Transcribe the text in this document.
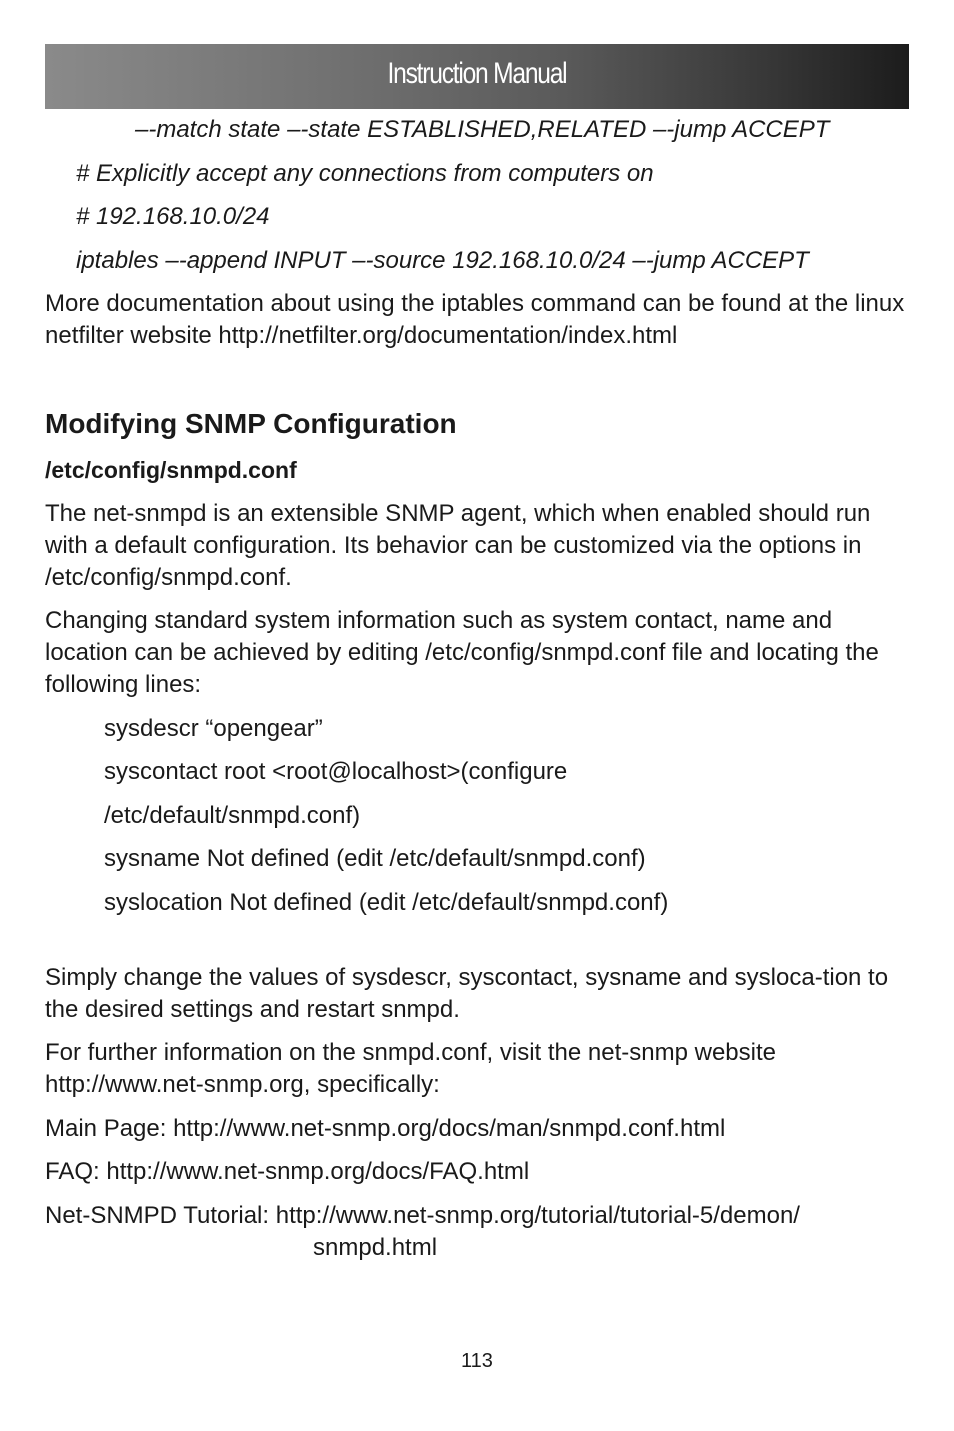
Instruction Manual
–-match state –-state ESTABLISHED,RELATED –-jump ACCEPT
# Explicitly accept any connections from computers on
# 192.168.10.0/24
iptables –-append INPUT –-source 192.168.10.0/24 –-jump ACCEPT
More documentation about using the iptables command can be found at the linux netfilter website http://netfilter.org/documentation/index.html
Modifying SNMP Configuration
/etc/config/snmpd.conf
The net-snmpd is an extensible SNMP agent, which when enabled should run with a default configuration. Its behavior can be customized via the options in /etc/config/snmpd.conf.
Changing standard system information such as system contact, name and location can be achieved by editing /etc/config/snmpd.conf file and locating the following lines:
sysdescr “opengear”
syscontact root <root@localhost>(configure
/etc/default/snmpd.conf)
sysname Not defined (edit /etc/default/snmpd.conf)
syslocation Not defined (edit /etc/default/snmpd.conf)
Simply change the values of sysdescr, syscontact, sysname and sysloca-tion to the desired settings and restart snmpd.
For further information on the snmpd.conf, visit the net-snmp website http://www.net-snmp.org, specifically:
Main Page: http://www.net-snmp.org/docs/man/snmpd.conf.html
FAQ: http://www.net-snmp.org/docs/FAQ.html
Net-SNMPD Tutorial: http://www.net-snmp.org/tutorial/tutorial-5/demon/
snmpd.html
113
